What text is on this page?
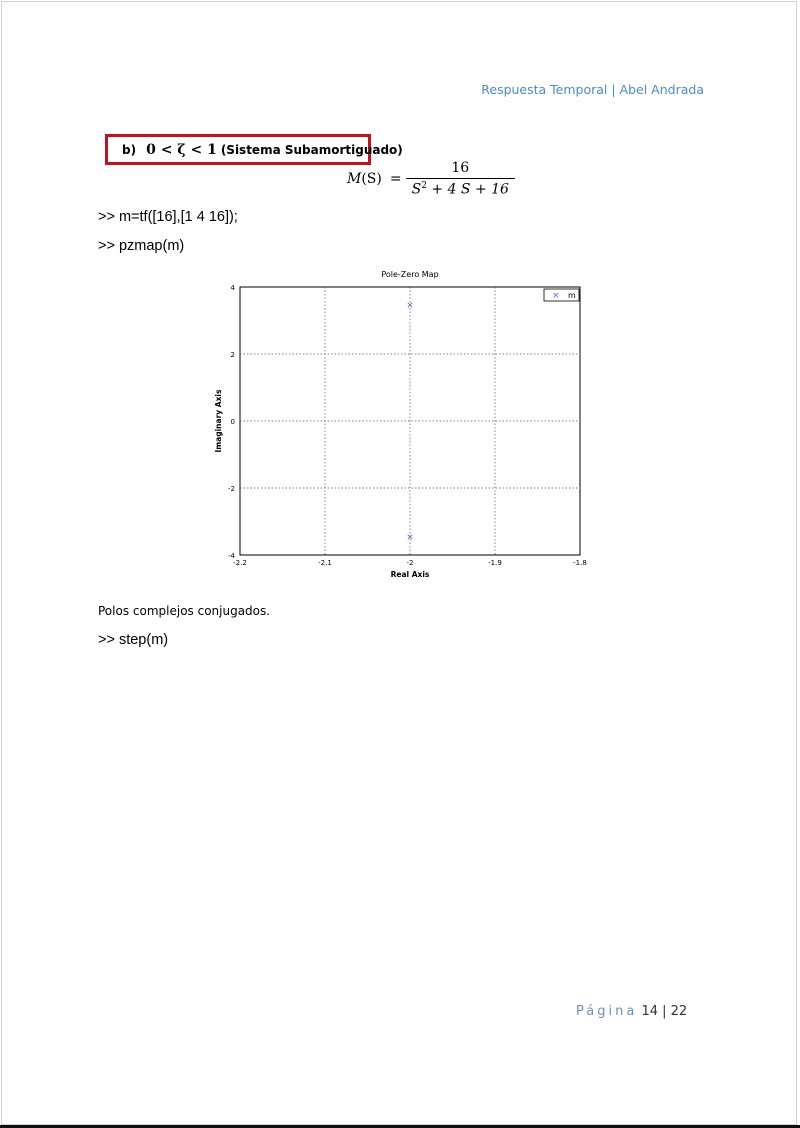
Respuesta Temporal | Abel Andrada
b) 0 < ζ < 1 (Sistema Subamortiguado)
$M(S) = \frac{16}{S^2 + 4 S + 16}$
>> m=tf([16],[1 4 16]);
>> pzmap(m)
Pole-Zero Map
-2.2	-2.1	-2	-1.9	-1.8
4
2
0
-2
-4
Real Axis
Imaginary Axis
× m
Polos complejos conjugados.
>> step(m)
Página 14 | 22
